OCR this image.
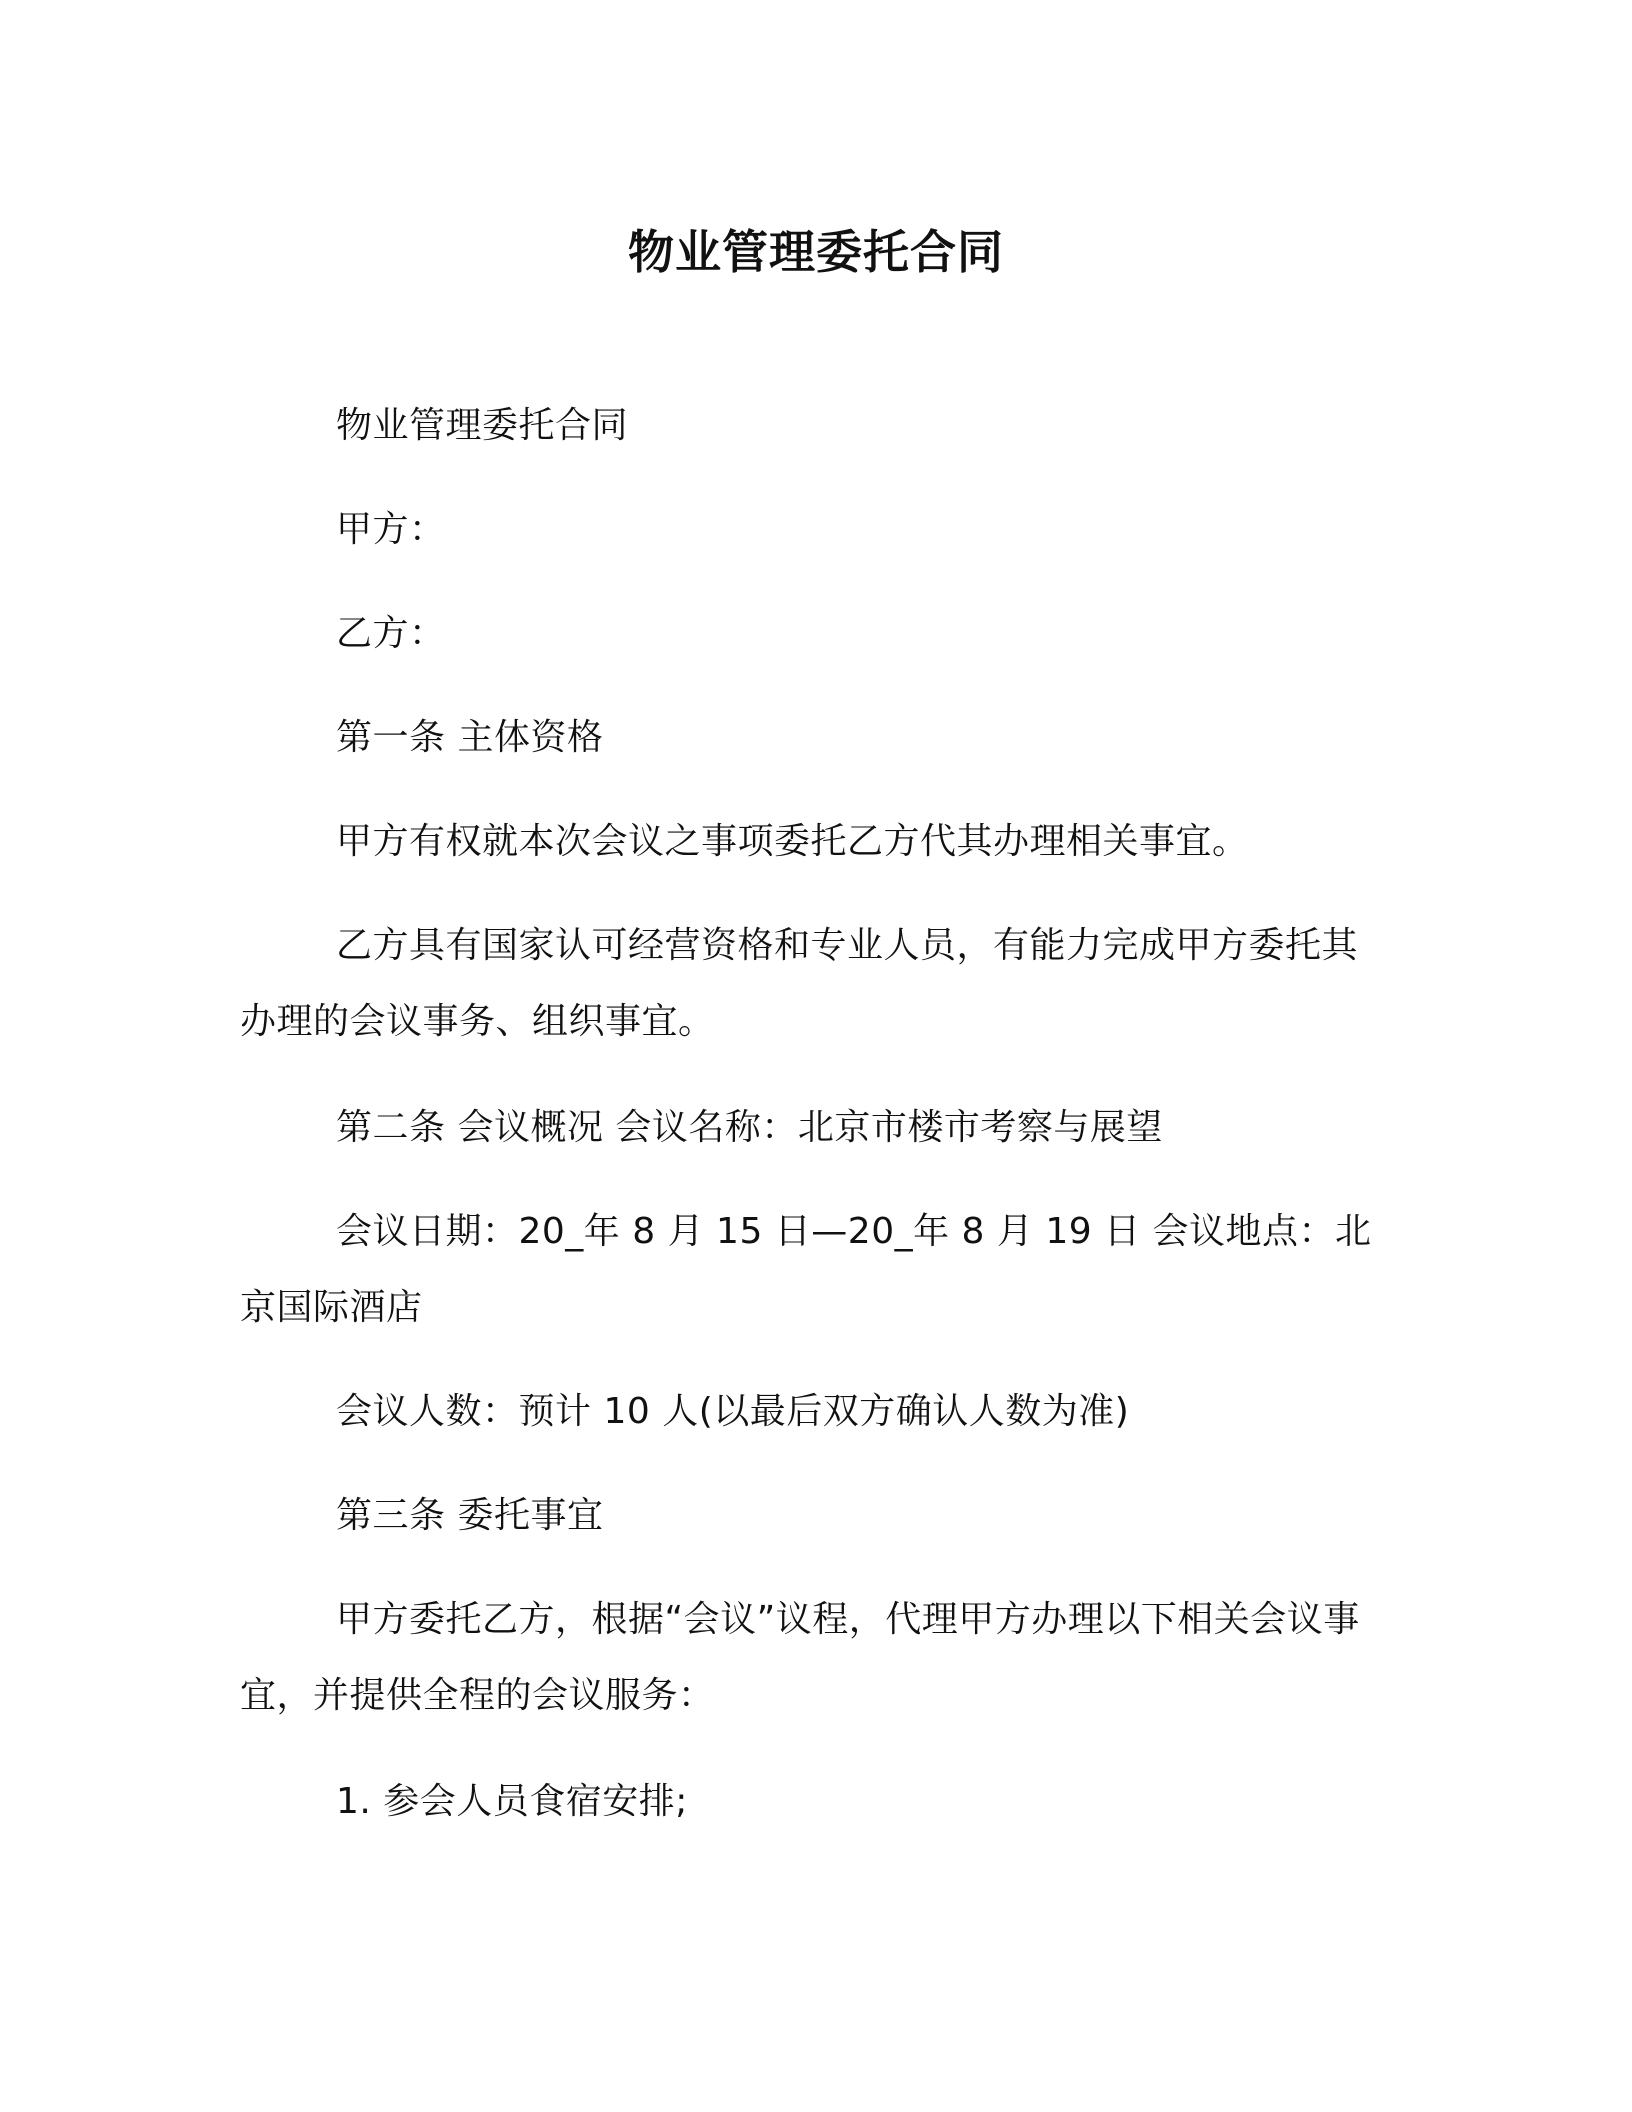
物业管理委托合同
物业管理委托合同
甲方：
乙方：
第一条 主体资格
甲方有权就本次会议之事项委托乙方代其办理相关事宜。
乙方具有国家认可经营资格和专业人员，有能力完成甲方委托其办理的会议事务、组织事宜。
第二条 会议概况 会议名称：北京市楼市考察与展望
会议日期：20_年 8 月 15 日—20_年 8 月 19 日 会议地点：北京国际酒店
会议人数：预计 10 人(以最后双方确认人数为准)
第三条 委托事宜
甲方委托乙方，根据“会议”议程，代理甲方办理以下相关会议事宜，并提供全程的会议服务：
1. 参会人员食宿安排;
